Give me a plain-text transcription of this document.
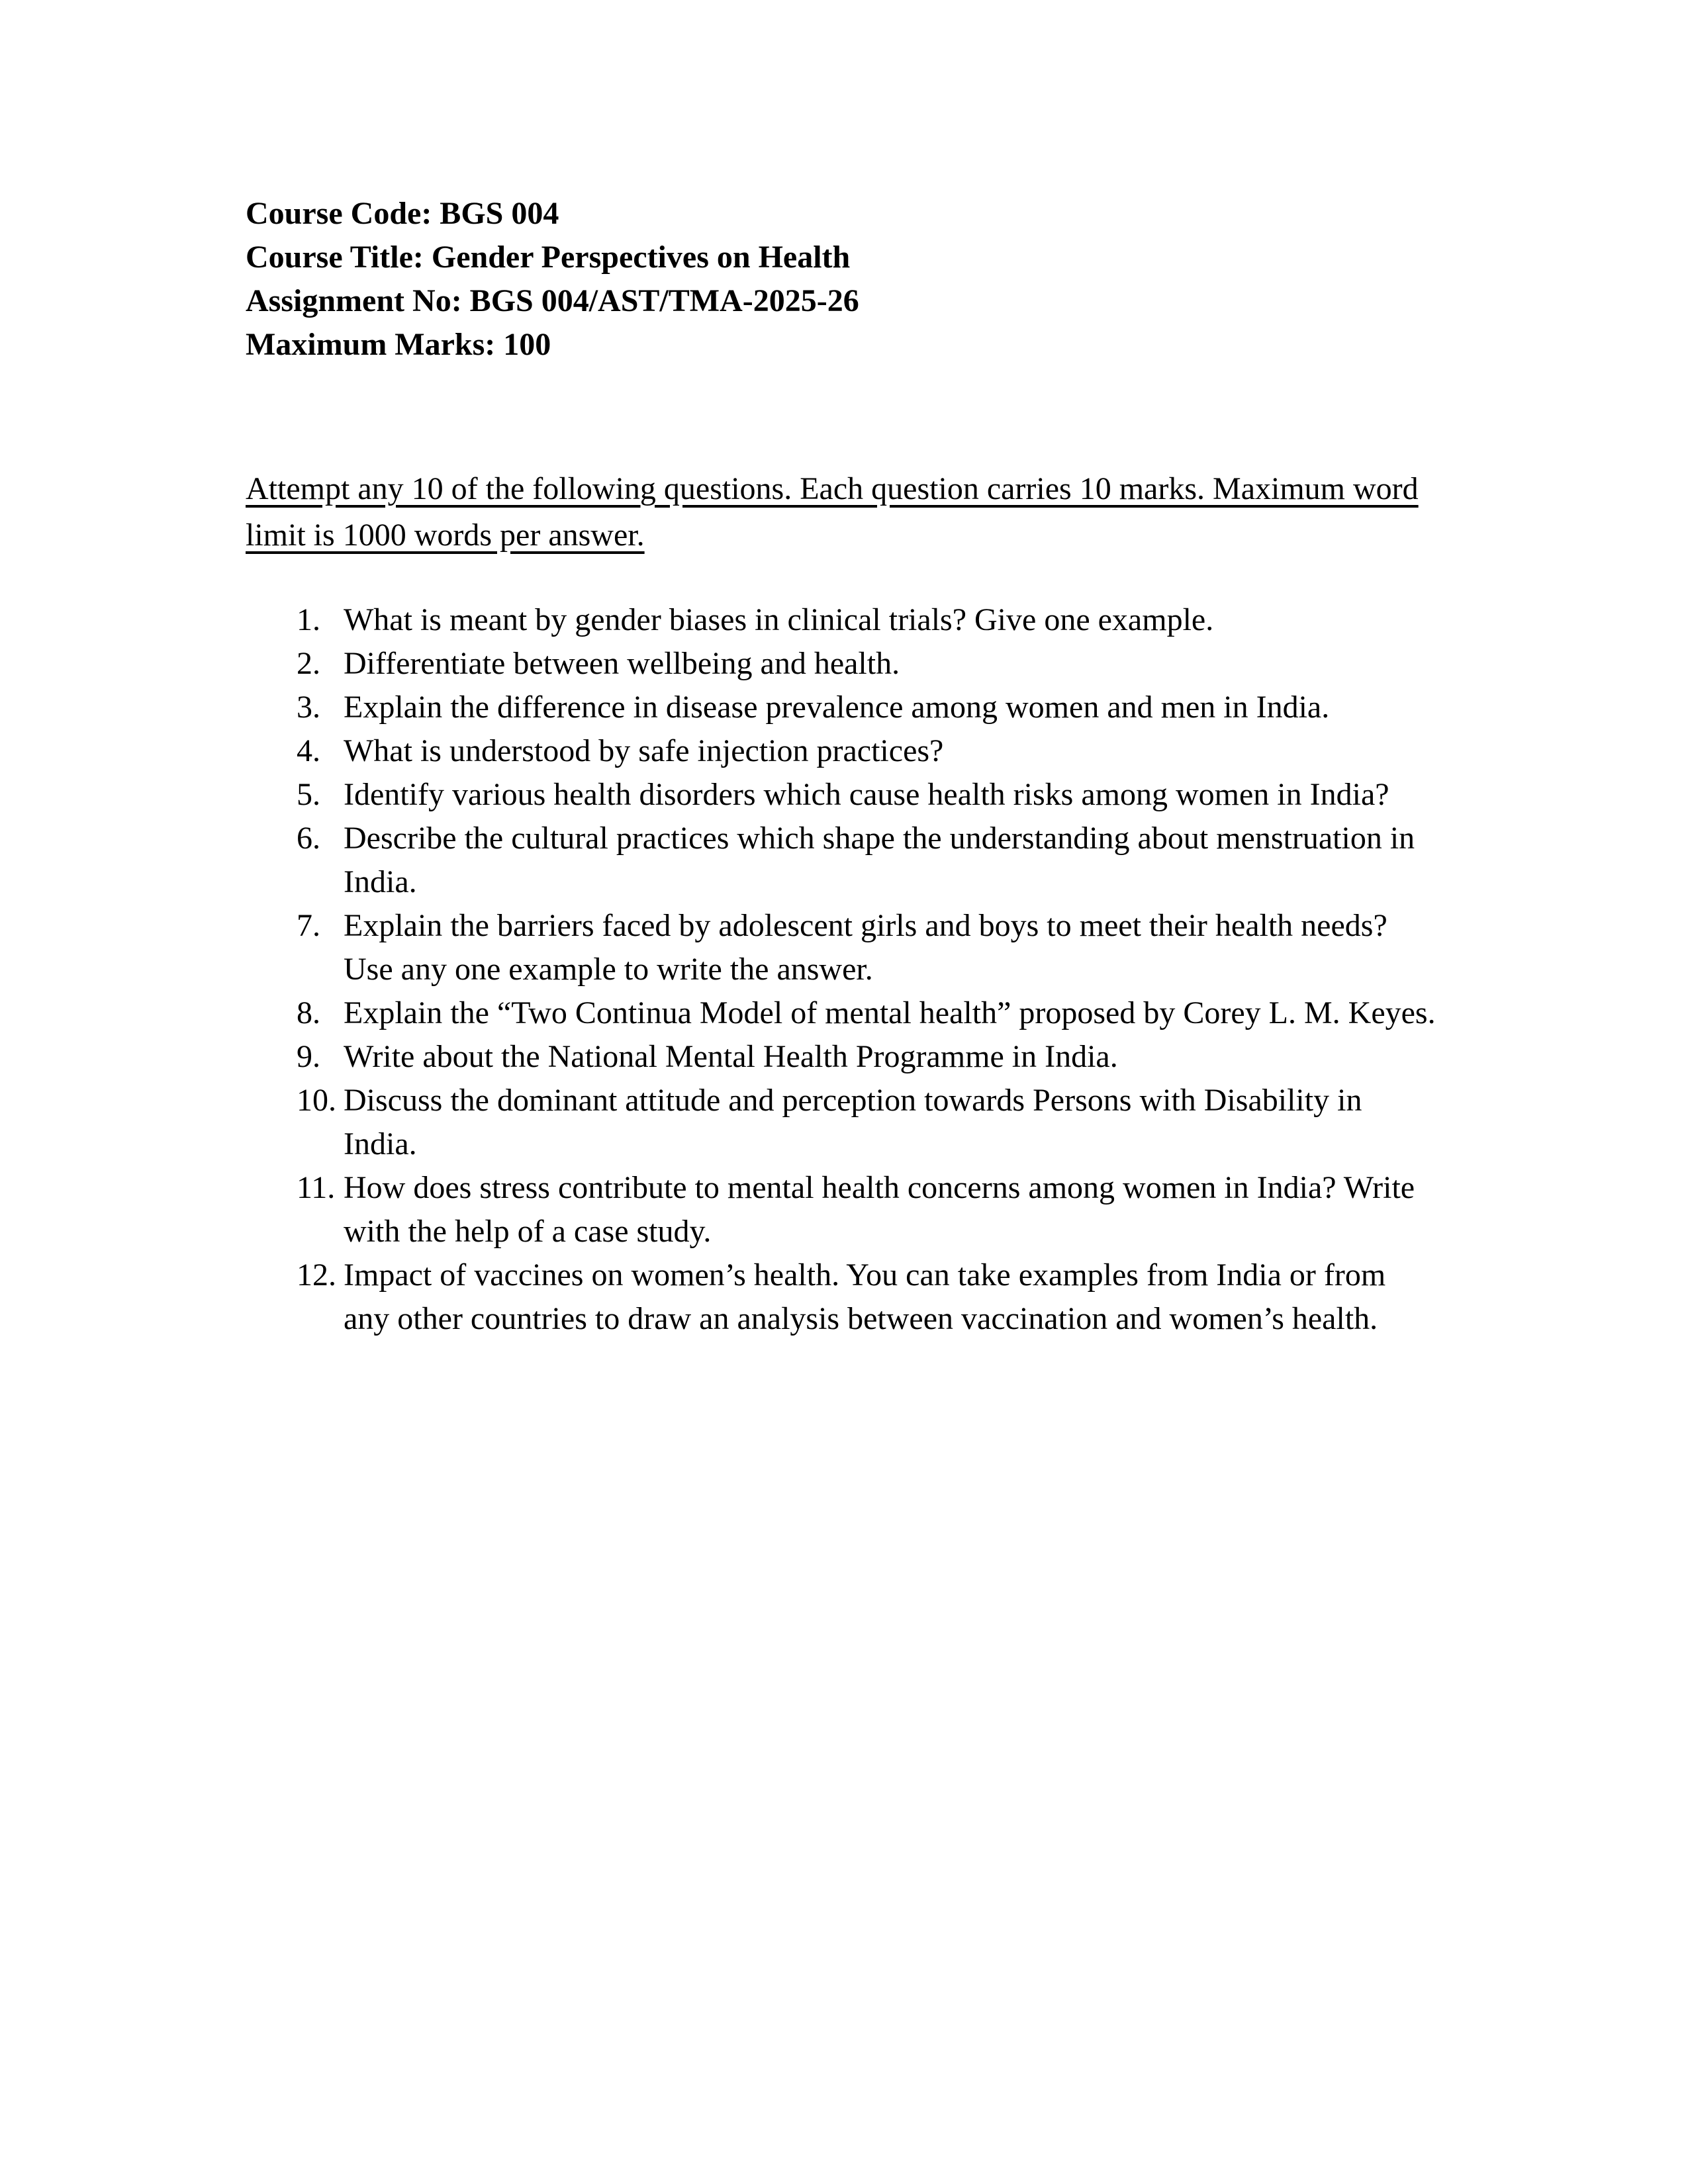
Course Code: BGS 004
Course Title: Gender Perspectives on Health
Assignment No: BGS 004/AST/TMA-2025-26
Maximum Marks: 100

Attempt any 10 of the following questions. Each question carries 10 marks. Maximum word limit is 1000 words per answer.

1. What is meant by gender biases in clinical trials? Give one example.
2. Differentiate between wellbeing and health.
3. Explain the difference in disease prevalence among women and men in India.
4. What is understood by safe injection practices?
5. Identify various health disorders which cause health risks among women in India?
6. Describe the cultural practices which shape the understanding about menstruation in India.
7. Explain the barriers faced by adolescent girls and boys to meet their health needs? Use any one example to write the answer.
8. Explain the “Two Continua Model of mental health” proposed by Corey L. M. Keyes.
9. Write about the National Mental Health Programme in India.
10. Discuss the dominant attitude and perception towards Persons with Disability in India.
11. How does stress contribute to mental health concerns among women in India? Write with the help of a case study.
12. Impact of vaccines on women’s health. You can take examples from India or from any other countries to draw an analysis between vaccination and women’s health.
